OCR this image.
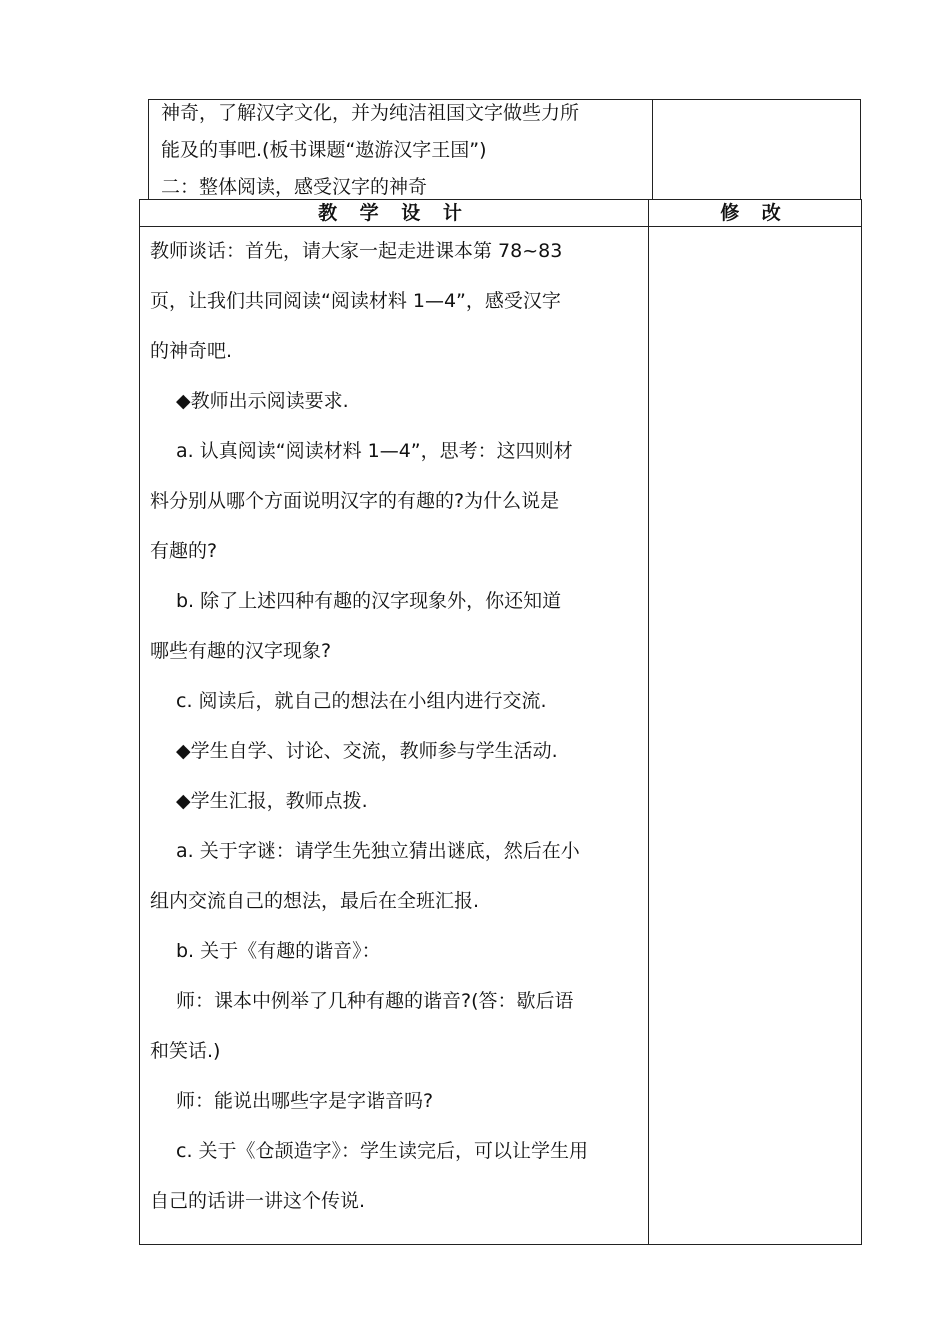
神奇，了解汉字文化，并为纯洁祖国文字做些力所
能及的事吧.(板书课题“遨游汉字王国”)
二：整体阅读，感受汉字的神奇
教 学 设 计	修 改
教师谈话：首先，请大家一起走进课本第 78~83
页，让我们共同阅读“阅读材料 1—4”，感受汉字
的神奇吧.
◆教师出示阅读要求.
a. 认真阅读“阅读材料 1—4”，思考：这四则材
料分别从哪个方面说明汉字的有趣的?为什么说是
有趣的?
b. 除了上述四种有趣的汉字现象外，你还知道
哪些有趣的汉字现象?
c. 阅读后，就自己的想法在小组内进行交流.
◆学生自学、讨论、交流，教师参与学生活动.
◆学生汇报，教师点拨.
a. 关于字谜：请学生先独立猜出谜底，然后在小
组内交流自己的想法，最后在全班汇报.
b. 关于《有趣的谐音》：
师：课本中例举了几种有趣的谐音?(答：歇后语
和笑话.)
师：能说出哪些字是字谐音吗?
c. 关于《仓颉造字》：学生读完后，可以让学生用
自己的话讲一讲这个传说.
